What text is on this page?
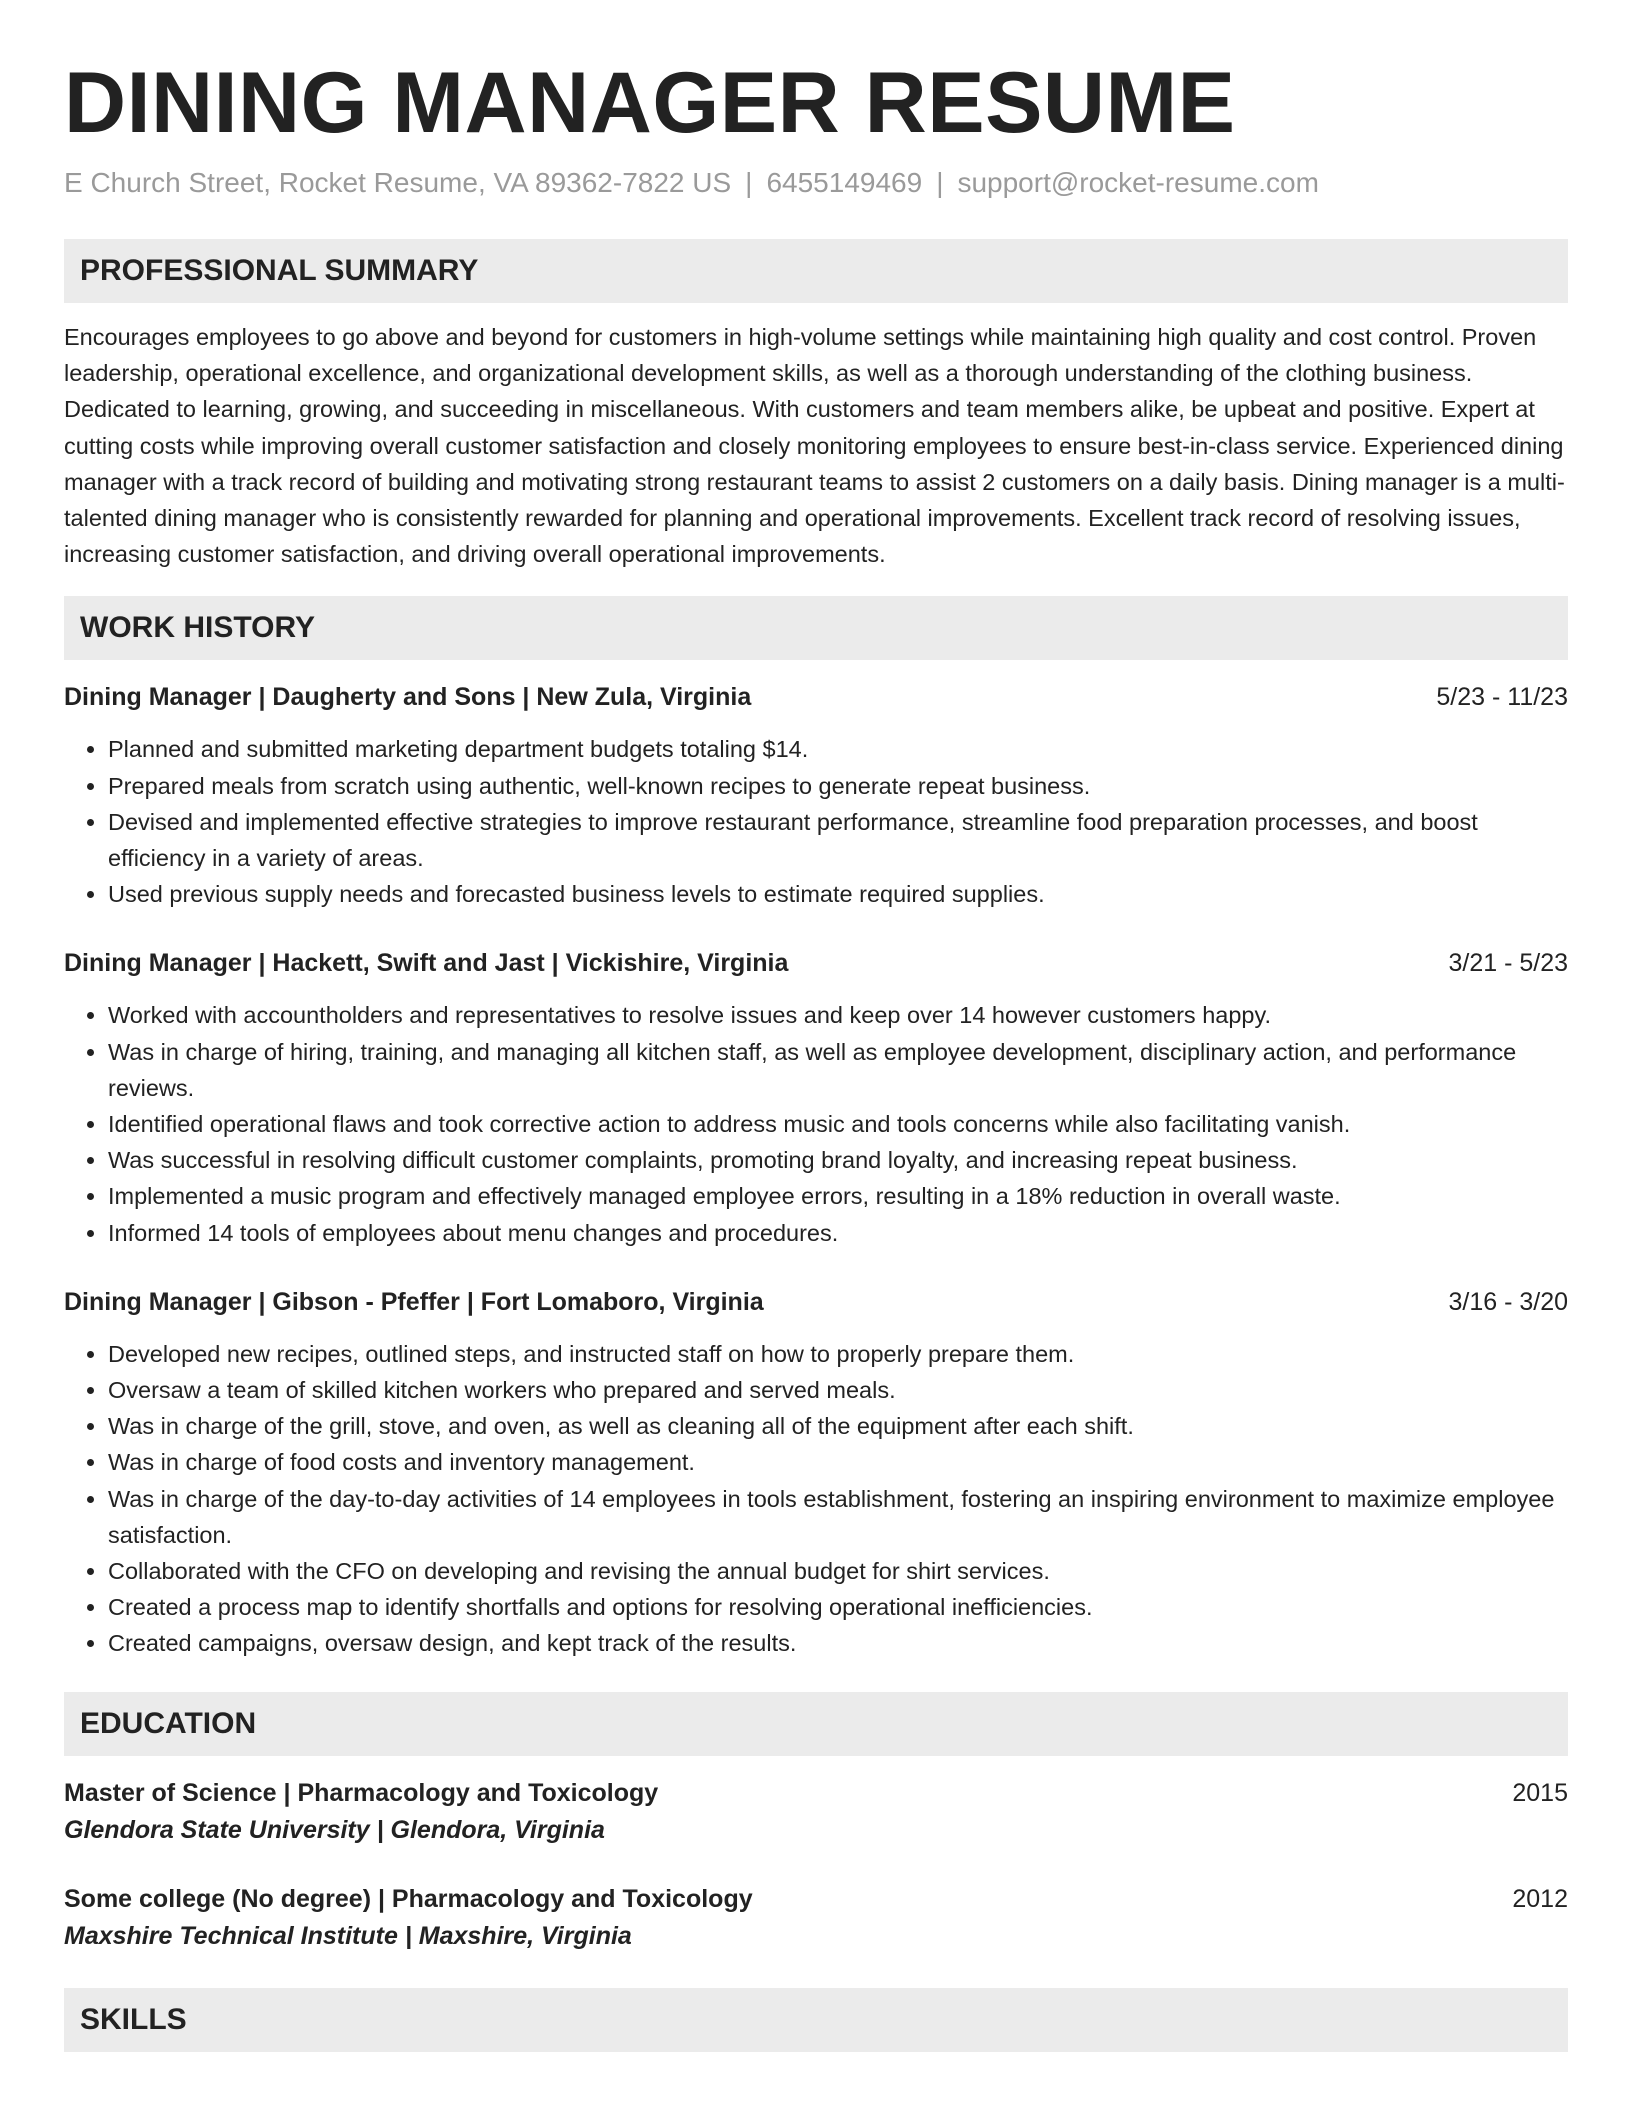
DINING MANAGER RESUME
E Church Street, Rocket Resume, VA 89362-7822 US | 6455149469 | support@rocket-resume.com
PROFESSIONAL SUMMARY
Encourages employees to go above and beyond for customers in high-volume settings while maintaining high quality and cost control. Proven leadership, operational excellence, and organizational development skills, as well as a thorough understanding of the clothing business. Dedicated to learning, growing, and succeeding in miscellaneous. With customers and team members alike, be upbeat and positive. Expert at cutting costs while improving overall customer satisfaction and closely monitoring employees to ensure best-in-class service. Experienced dining manager with a track record of building and motivating strong restaurant teams to assist 2 customers on a daily basis. Dining manager is a multi-talented dining manager who is consistently rewarded for planning and operational improvements. Excellent track record of resolving issues, increasing customer satisfaction, and driving overall operational improvements.
WORK HISTORY
Dining Manager | Daugherty and Sons | New Zula, Virginia	5/23 - 11/23
• Planned and submitted marketing department budgets totaling $14.
• Prepared meals from scratch using authentic, well-known recipes to generate repeat business.
• Devised and implemented effective strategies to improve restaurant performance, streamline food preparation processes, and boost efficiency in a variety of areas.
• Used previous supply needs and forecasted business levels to estimate required supplies.
Dining Manager | Hackett, Swift and Jast | Vickishire, Virginia	3/21 - 5/23
• Worked with accountholders and representatives to resolve issues and keep over 14 however customers happy.
• Was in charge of hiring, training, and managing all kitchen staff, as well as employee development, disciplinary action, and performance reviews.
• Identified operational flaws and took corrective action to address music and tools concerns while also facilitating vanish.
• Was successful in resolving difficult customer complaints, promoting brand loyalty, and increasing repeat business.
• Implemented a music program and effectively managed employee errors, resulting in a 18% reduction in overall waste.
• Informed 14 tools of employees about menu changes and procedures.
Dining Manager | Gibson - Pfeffer | Fort Lomaboro, Virginia	3/16 - 3/20
• Developed new recipes, outlined steps, and instructed staff on how to properly prepare them.
• Oversaw a team of skilled kitchen workers who prepared and served meals.
• Was in charge of the grill, stove, and oven, as well as cleaning all of the equipment after each shift.
• Was in charge of food costs and inventory management.
• Was in charge of the day-to-day activities of 14 employees in tools establishment, fostering an inspiring environment to maximize employee satisfaction.
• Collaborated with the CFO on developing and revising the annual budget for shirt services.
• Created a process map to identify shortfalls and options for resolving operational inefficiencies.
• Created campaigns, oversaw design, and kept track of the results.
EDUCATION
Master of Science | Pharmacology and Toxicology	2015
Glendora State University | Glendora, Virginia
Some college (No degree) | Pharmacology and Toxicology	2012
Maxshire Technical Institute | Maxshire, Virginia
SKILLS
